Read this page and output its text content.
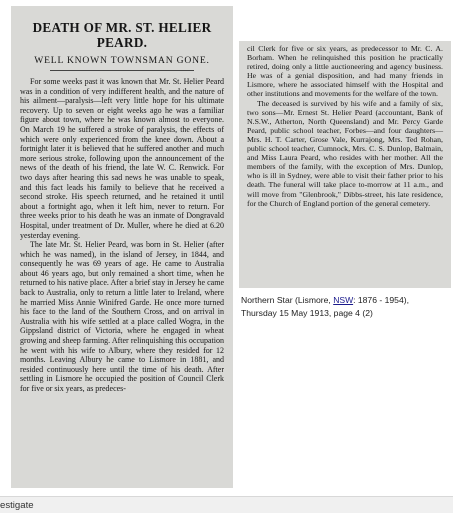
DEATH OF MR. ST. HELIER PEARD.
WELL KNOWN TOWNSMAN GONE.

For some weeks past it was known that Mr. St. Helier Peard was in a condition of very indifferent health, and the nature of his ailment—paralysis—left very little hope for his ultimate recovery. Up to seven or eight weeks ago he was a familiar figure about town, where he was known almost to everyone. On March 19 he suffered a stroke of paralysis, the effects of which were only experienced from the knee down. About a fortnight later it is believed that he suffered another and much more serious stroke, following upon the announcement of the news of the death of his friend, the late W. C. Renwick. For two days after hearing this sad news he was unable to speak, and this fact leads his family to believe that he received a second stroke. His speech returned, and he retained it until about a fortnight ago, when it left him, never to return. For three weeks prior to his death he was an inmate of Dongravald Hospital, under treatment of Dr. Muller, where he died at 6.20 yesterday evening.

The late Mr. St. Helier Peard, was born in St. Helier (after which he was named), in the island of Jersey, in 1844, and consequently he was 69 years of age. He came to Australia about 46 years ago, but only remained a short time, when he returned to his native place. After a brief stay in Jersey he came back to Australia, only to return a little later to Ireland, where he married Miss Annie Winifred Garde. He once more turned his face to the land of the Southern Cross, and on arrival in Australia with his wife settled at a place called Wogra, in the Gippsland district of Victoria, where he engaged in wheat growing and sheep farming. After relinquishing this occupation he went with his wife to Albury, where they resided for 12 months. Leaving Albury he came to Lismore in 1881, and resided continuously here until the time of his death. After settling in Lismore he occupied the position of Council Clerk for five or six years, as predeces-

cil Clerk for five or six years, as predecessor to Mr. C. A. Borham. When he relinquished this position he practically retired, doing only a little auctioneering and agency business. He was of a genial disposition, and had many friends in Lismore, where he associated himself with the Hospital and other institutions and movements for the welfare of the town.

The deceased is survived by his wife and a family of six, two sons—Mr. Ernest St. Helier Peard (accountant, Bank of N.S.W., Atherton, North Queensland) and Mr. Percy Garde Peard, public school teacher, Forbes—and four daughters—Mrs. H. T. Carter, Grose Vale, Kurrajong, Mrs. Ted Rohan, public school teacher, Cumnock, Mrs. C. S. Dunlop, Balmain, and Miss Laura Peard, who resides with her mother. All the members of the family, with the exception of Mrs. Dunlop, who is ill in Sydney, were able to visit their father prior to his death. The funeral will take place to-morrow at 11 a.m., and will move from "Glenbrook," Dibbs-street, his late residence, for the Church of England portion of the general cemetery.

Northern Star (Lismore, NSW: 1876 - 1954),
Thursday 15 May 1913, page 4 (2)
estigate
